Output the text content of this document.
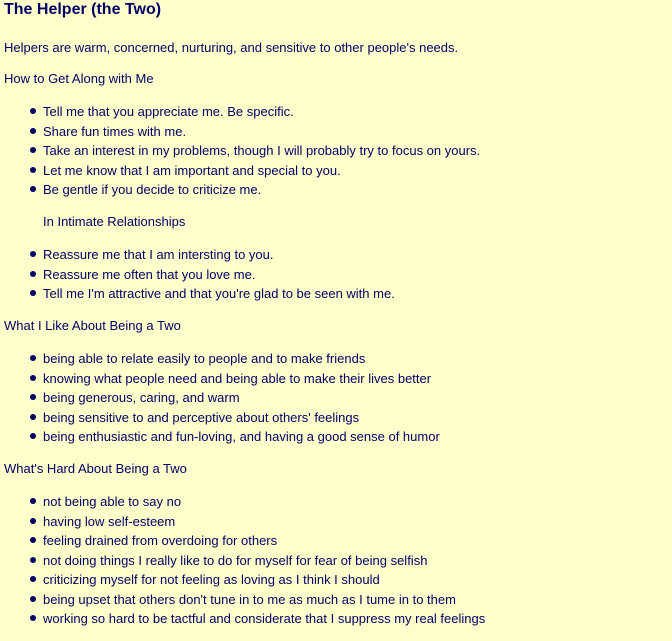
The Helper (the Two)

Helpers are warm, concerned, nurturing, and sensitive to other people's needs.

How to Get Along with Me

Tell me that you appreciate me. Be specific.
Share fun times with me.
Take an interest in my problems, though I will probably try to focus on yours.
Let me know that I am important and special to you.
Be gentle if you decide to criticize me.

In Intimate Relationships

Reassure me that I am intersting to you.
Reassure me often that you love me.
Tell me I'm attractive and that you're glad to be seen with me.

What I Like About Being a Two

being able to relate easily to people and to make friends
knowing what people need and being able to make their lives better
being generous, caring, and warm
being sensitive to and perceptive about others' feelings
being enthusiastic and fun-loving, and having a good sense of humor

What's Hard About Being a Two

not being able to say no
having low self-esteem
feeling drained from overdoing for others
not doing things I really like to do for myself for fear of being selfish
criticizing myself for not feeling as loving as I think I should
being upset that others don't tune in to me as much as I tume in to them
working so hard to be tactful and considerate that I suppress my real feelings
